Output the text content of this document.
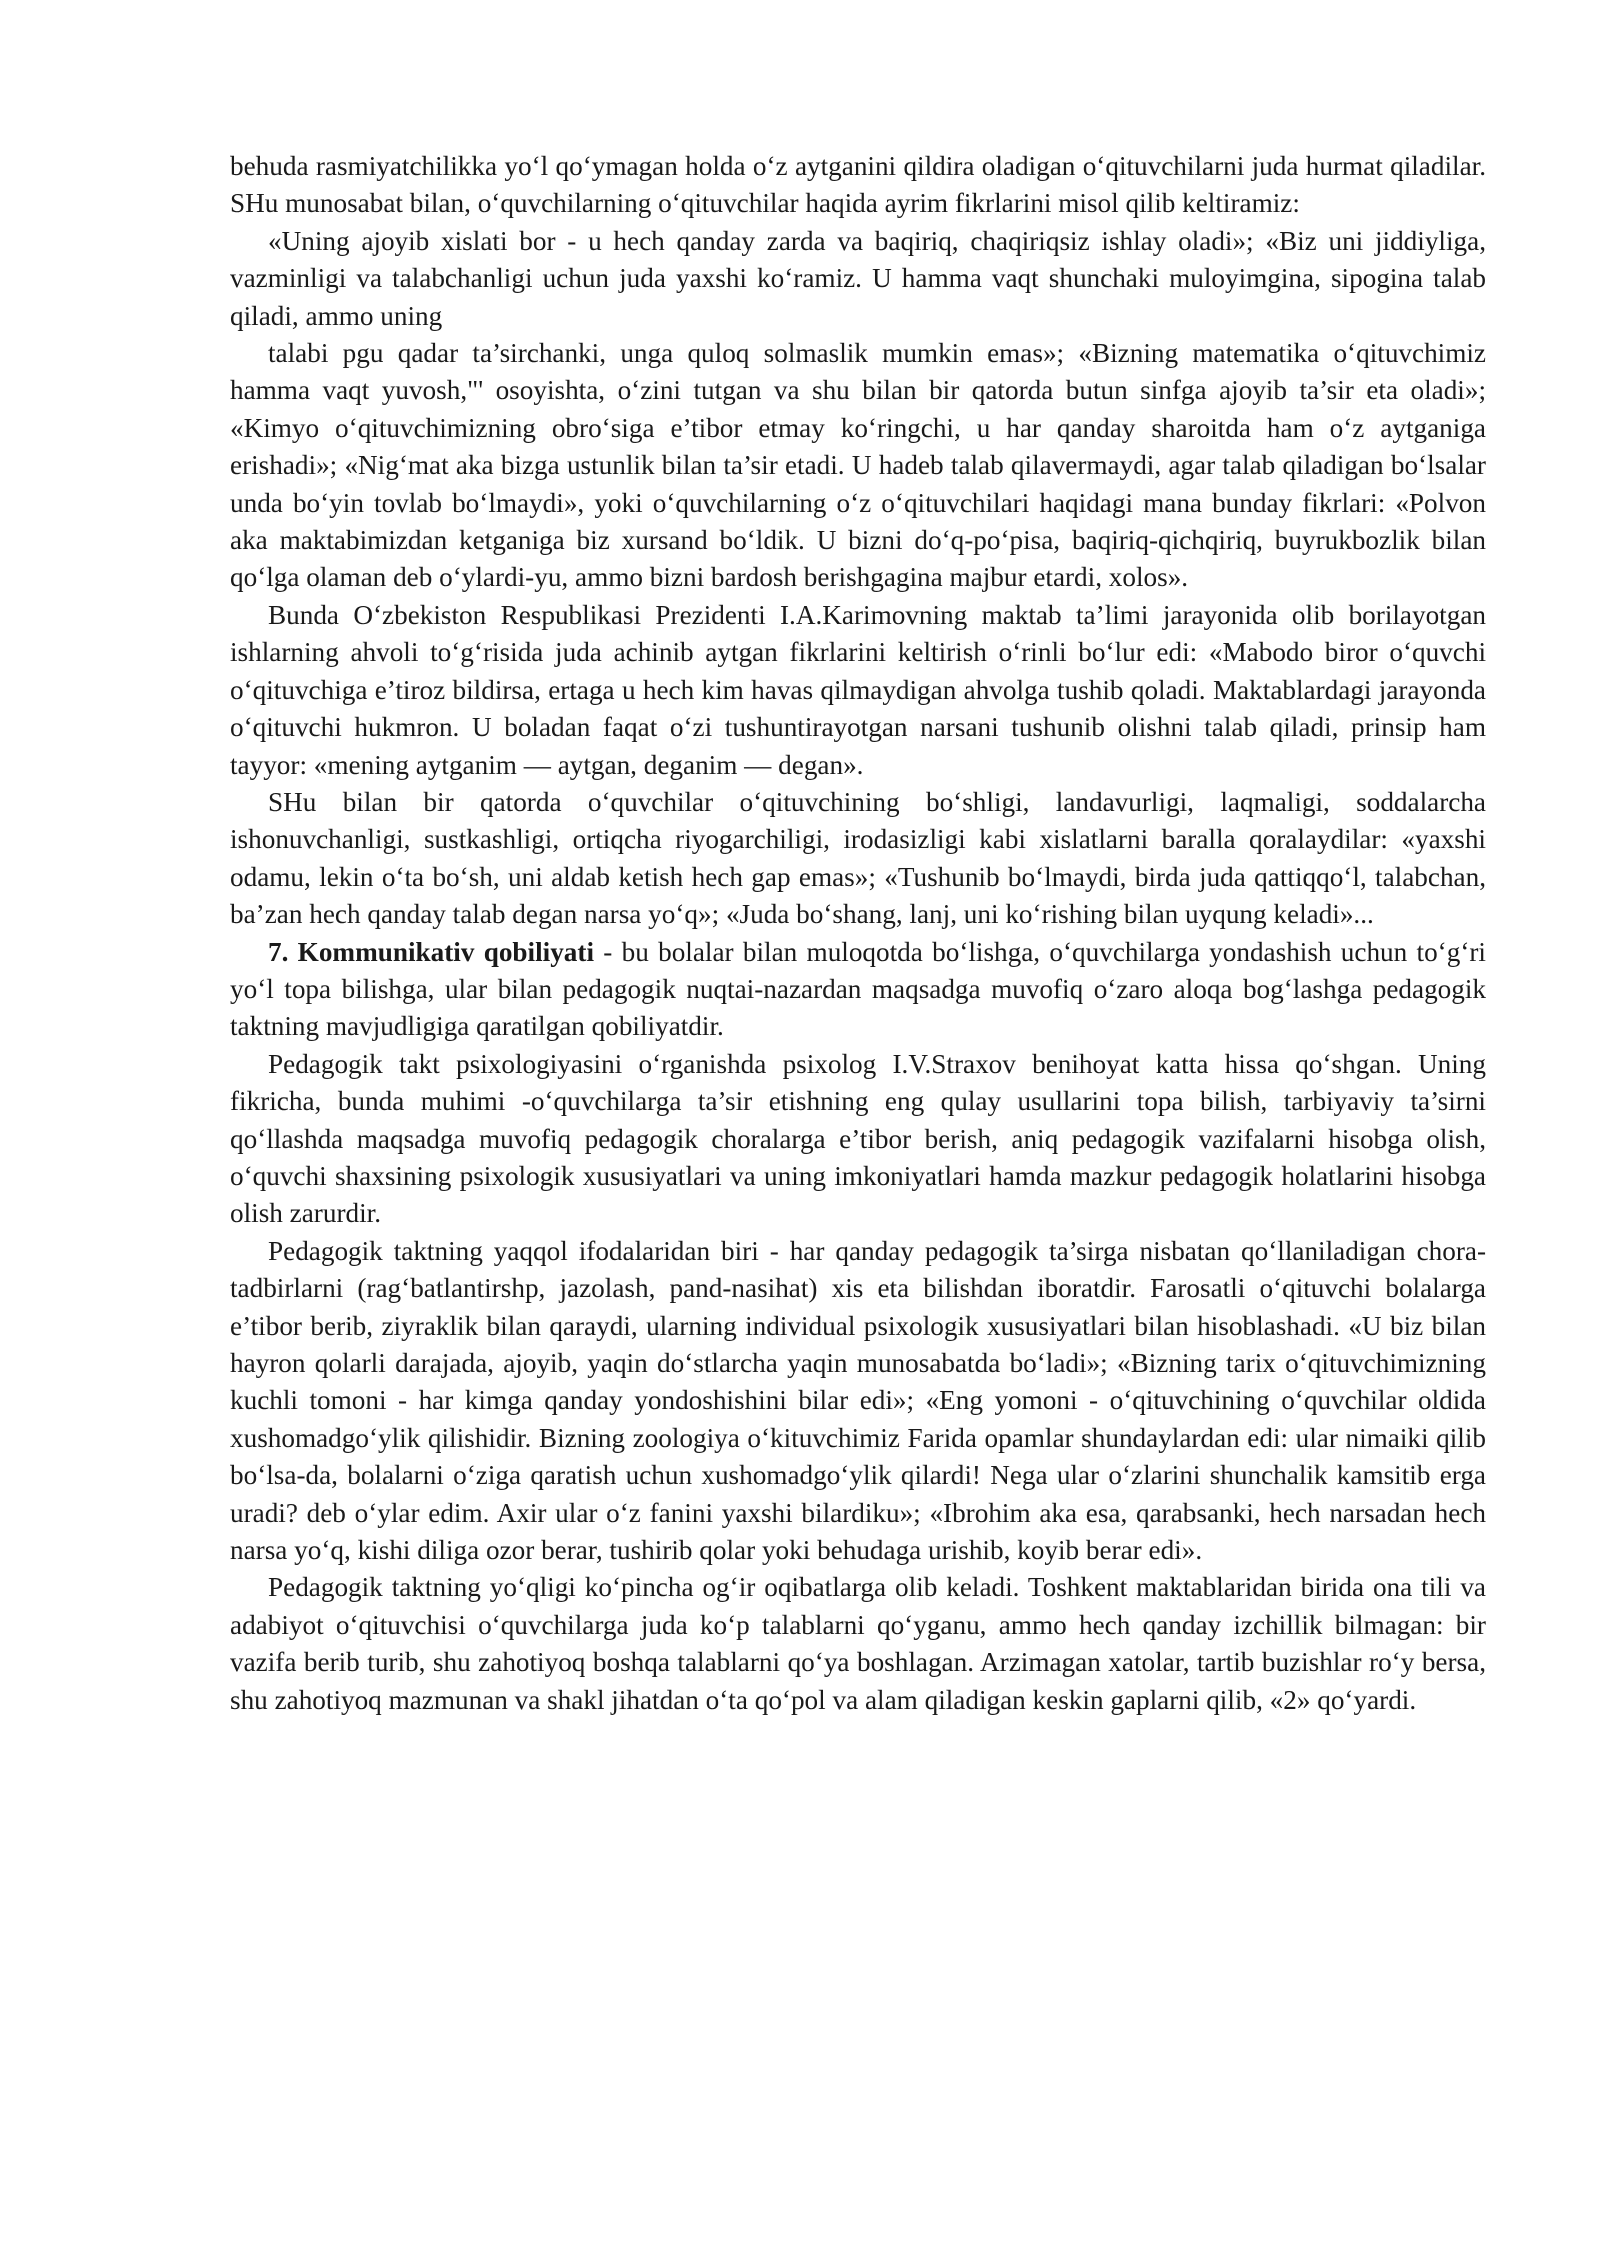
behuda rasmiyatchilikka yo‘l qo‘ymagan holda o‘z aytganini qildira oladigan o‘qituvchilarni juda hurmat qiladilar. SHu munosabat bilan, o‘quvchilarning o‘qituvchilar haqida ayrim fikrlarini misol qilib keltiramiz:

«Uning ajoyib xislati bor - u hech qanday zarda va baqiriq, chaqiriqsiz ishlay oladi»; «Biz uni jiddiyliga, vazminligi va talabchanligi uchun juda yaxshi ko‘ramiz. U hamma vaqt shunchaki muloyimgina, sipogina talab qiladi, ammo uning

talabi pgu qadar ta’sirchanki, unga quloq solmaslik mumkin emas»; «Bizning matematika o‘qituvchimiz hamma vaqt yuvosh,"' osoyishta, o‘zini tutgan va shu bilan bir qatorda butun sinfga ajoyib ta’sir eta oladi»; «Kimyo o‘qituvchimizning obro‘siga e’tibor etmay ko‘ringchi, u har qanday sharoitda ham o‘z aytganiga erishadi»; «Nig‘mat aka bizga ustunlik bilan ta’sir etadi. U hadeb talab qilavermaydi, agar talab qiladigan bo‘lsalar unda bo‘yin tovlab bo‘lmaydi», yoki o‘quvchilarning o‘z o‘qituvchilari haqidagi mana bunday fikrlari: «Polvon aka maktabimizdan ketganiga biz xursand bo‘ldik. U bizni do‘q-po‘pisa, baqiriq-qichqiriq, buyrukbozlik bilan qo‘lga olaman deb o‘ylardi-yu, ammo bizni bardosh berishgagina majbur etardi, xolos».

Bunda O‘zbekiston Respublikasi Prezidenti I.A.Karimovning maktab ta’limi jarayonida olib borilayotgan ishlarning ahvoli to‘g‘risida juda achinib aytgan fikrlarini keltirish o‘rinli bo‘lur edi: «Mabodo biror o‘quvchi o‘qituvchiga e’tiroz bildirsa, ertaga u hech kim havas qilmaydigan ahvolga tushib qoladi. Maktablardagi jarayonda o‘qituvchi hukmron. U boladan faqat o‘zi tushuntirayotgan narsani tushunib olishni talab qiladi, prinsip ham tayyor: «mening aytganim — aytgan, deganim — degan».

SHu bilan bir qatorda o‘quvchilar o‘qituvchining bo‘shligi, landavurligi, laqmaligi, soddalarcha ishonuvchanligi, sustkashligi, ortiqcha riyogarchiligi, irodasizligi kabi xislatlarni baralla qoralaydilar: «yaxshi odamu, lekin o‘ta bo‘sh, uni aldab ketish hech gap emas»; «Tushunib bo‘lmaydi, birda juda qattiqqo‘l, talabchan, ba’zan hech qanday talab degan narsa yo‘q»; «Juda bo‘shang, lanj, uni ko‘rishing bilan uyqung keladi»...

7. Kommunikativ qobiliyati - bu bolalar bilan muloqotda bo‘lishga, o‘quvchilarga yondashish uchun to‘g‘ri yo‘l topa bilishga, ular bilan pedagogik nuqtai-nazardan maqsadga muvofiq o‘zaro aloqa bog‘lashga pedagogik taktning mavjudligiga qaratilgan qobiliyatdir.

Pedagogik takt psixologiyasini o‘rganishda psixolog I.V.Straxov benihoyat katta hissa qo‘shgan. Uning fikricha, bunda muhimi -o‘quvchilarga ta’sir etishning eng qulay usullarini topa bilish, tarbiyaviy ta’sirni qo‘llashda maqsadga muvofiq pedagogik choralarga e’tibor berish, aniq pedagogik vazifalarni hisobga olish, o‘quvchi shaxsining psixologik xususiyatlari va uning imkoniyatlari hamda mazkur pedagogik holatlarini hisobga olish zarurdir.

Pedagogik taktning yaqqol ifodalaridan biri - har qanday pedagogik ta’sirga nisbatan qo‘llaniladigan chora-tadbirlarni (rag‘batlantirshp, jazolash, pand-nasihat) xis eta bilishdan iboratdir. Farosatli o‘qituvchi bolalarga e’tibor berib, ziyraklik bilan qaraydi, ularning individual psixologik xususiyatlari bilan hisoblashadi. «U biz bilan hayron qolarli darajada, ajoyib, yaqin do‘stlarcha yaqin munosabatda bo‘ladi»; «Bizning tarix o‘qituvchimizning kuchli tomoni - har kimga qanday yondoshishini bilar edi»; «Eng yomoni - o‘qituvchining o‘quvchilar oldida xushomadgo‘ylik qilishidir. Bizning zoologiya o‘kituvchimiz Farida opamlar shundaylardan edi: ular nimaiki qilib bo‘lsa-da, bolalarni o‘ziga qaratish uchun xushomadgo‘ylik qilardi! Nega ular o‘zlarini shunchalik kamsitib erga uradi? deb o‘ylar edim. Axir ular o‘z fanini yaxshi bilardiku»; «Ibrohim aka esa, qarabsanki, hech narsadan hech narsa yo‘q, kishi diliga ozor berar, tushirib qolar yoki behudaga urishib, koyib berar edi».

Pedagogik taktning yo‘qligi ko‘pincha og‘ir oqibatlarga olib keladi. Toshkent maktablaridan birida ona tili va adabiyot o‘qituvchisi o‘quvchilarga juda ko‘p talablarni qo‘yganu, ammo hech qanday izchillik bilmagan: bir vazifa berib turib, shu zahotiyoq boshqa talablarni qo‘ya boshlagan. Arzimagan xatolar, tartib buzishlar ro‘y bersa, shu zahotiyoq mazmunan va shakl jihatdan o‘ta qo‘pol va alam qiladigan keskin gaplarni qilib, «2» qo‘yardi.
